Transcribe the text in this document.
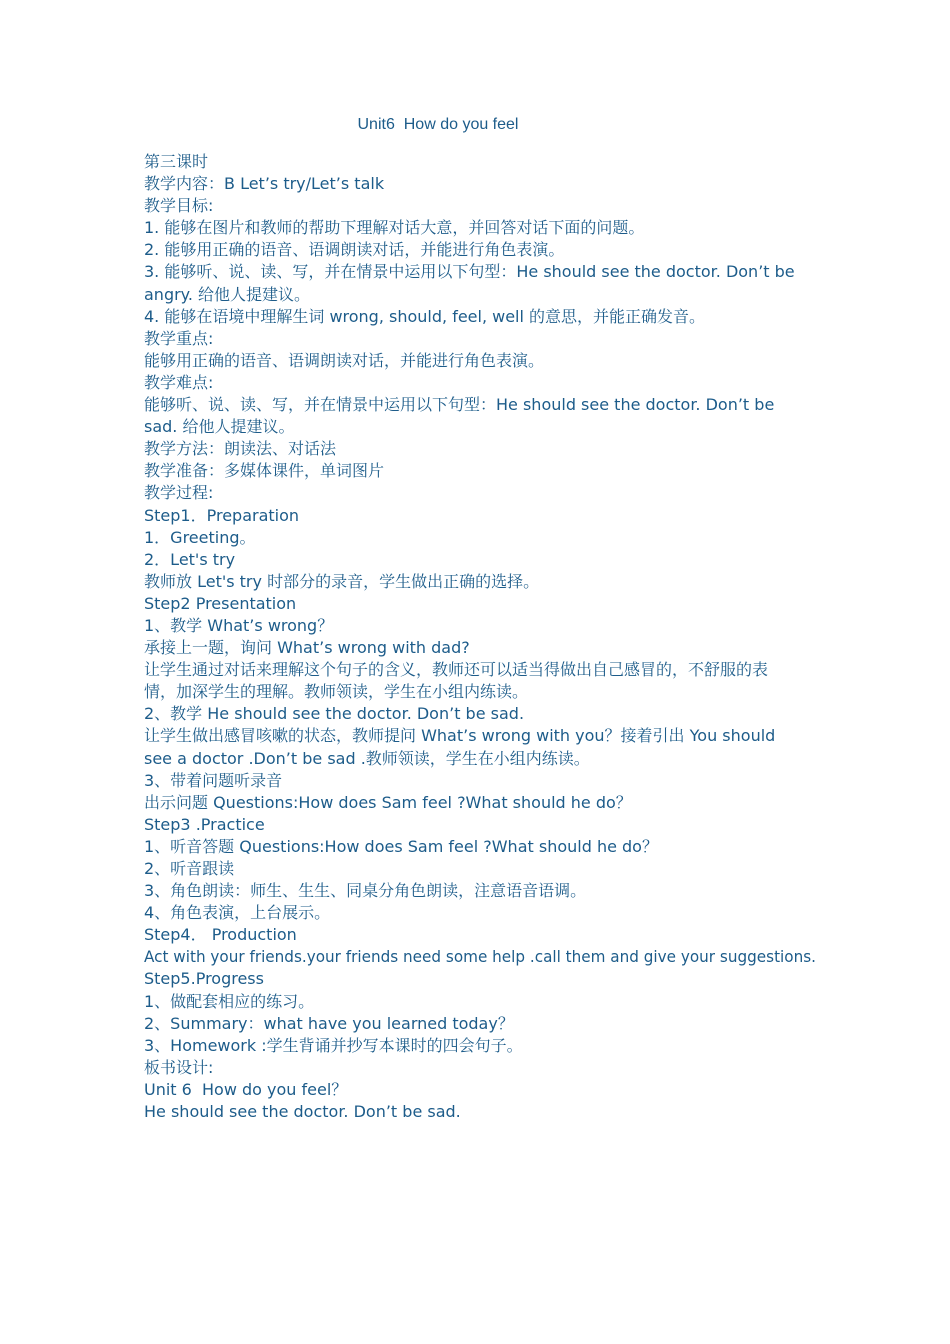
Unit6  How do you feel
第三课时
教学内容：B Let’s try/Let’s talk
教学目标:
1. 能够在图片和教师的帮助下理解对话大意，并回答对话下面的问题。
2. 能够用正确的语音、语调朗读对话，并能进行角色表演。
3. 能够听、说、读、写，并在情景中运用以下句型：He should see the doctor. Don’t be
angry. 给他人提建议。
4. 能够在语境中理解生词 wrong, should, feel, well 的意思，并能正确发音。
教学重点:
能够用正确的语音、语调朗读对话，并能进行角色表演。
教学难点:
能够听、说、读、写，并在情景中运用以下句型：He should see the doctor. Don’t be
sad. 给他人提建议。
教学方法：朗读法、对话法
教学准备：多媒体课件，单词图片
教学过程:
Step1．Preparation
1．Greeting。
2．Let's try
教师放 Let's try 时部分的录音，学生做出正确的选择。
Step2 Presentation
1、教学 What’s wrong？
承接上一题，询问 What’s wrong with dad?
让学生通过对话来理解这个句子的含义，教师还可以适当得做出自己感冒的，不舒服的表
情，加深学生的理解。教师领读，学生在小组内练读。
2、教学 He should see the doctor. Don’t be sad.
让学生做出感冒咳嗽的状态，教师提问 What’s wrong with you？接着引出 You should
see a doctor .Don’t be sad .教师领读，学生在小组内练读。
3、带着问题听录音
出示问题 Questions:How does Sam feel ?What should he do？
Step3 .Practice
1、听音答题 Questions:How does Sam feel ?What should he do？
2、听音跟读
3、角色朗读：师生、生生、同桌分角色朗读，注意语音语调。
4、角色表演，上台展示。
Step4． Production
Act with your friends.your friends need some help .call them and give your suggestions.
Step5.Progress
1、做配套相应的练习。
2、Summary：what have you learned today？
3、Homework :学生背诵并抄写本课时的四会句子。
板书设计:
Unit 6  How do you feel？
He should see the doctor. Don’t be sad.
